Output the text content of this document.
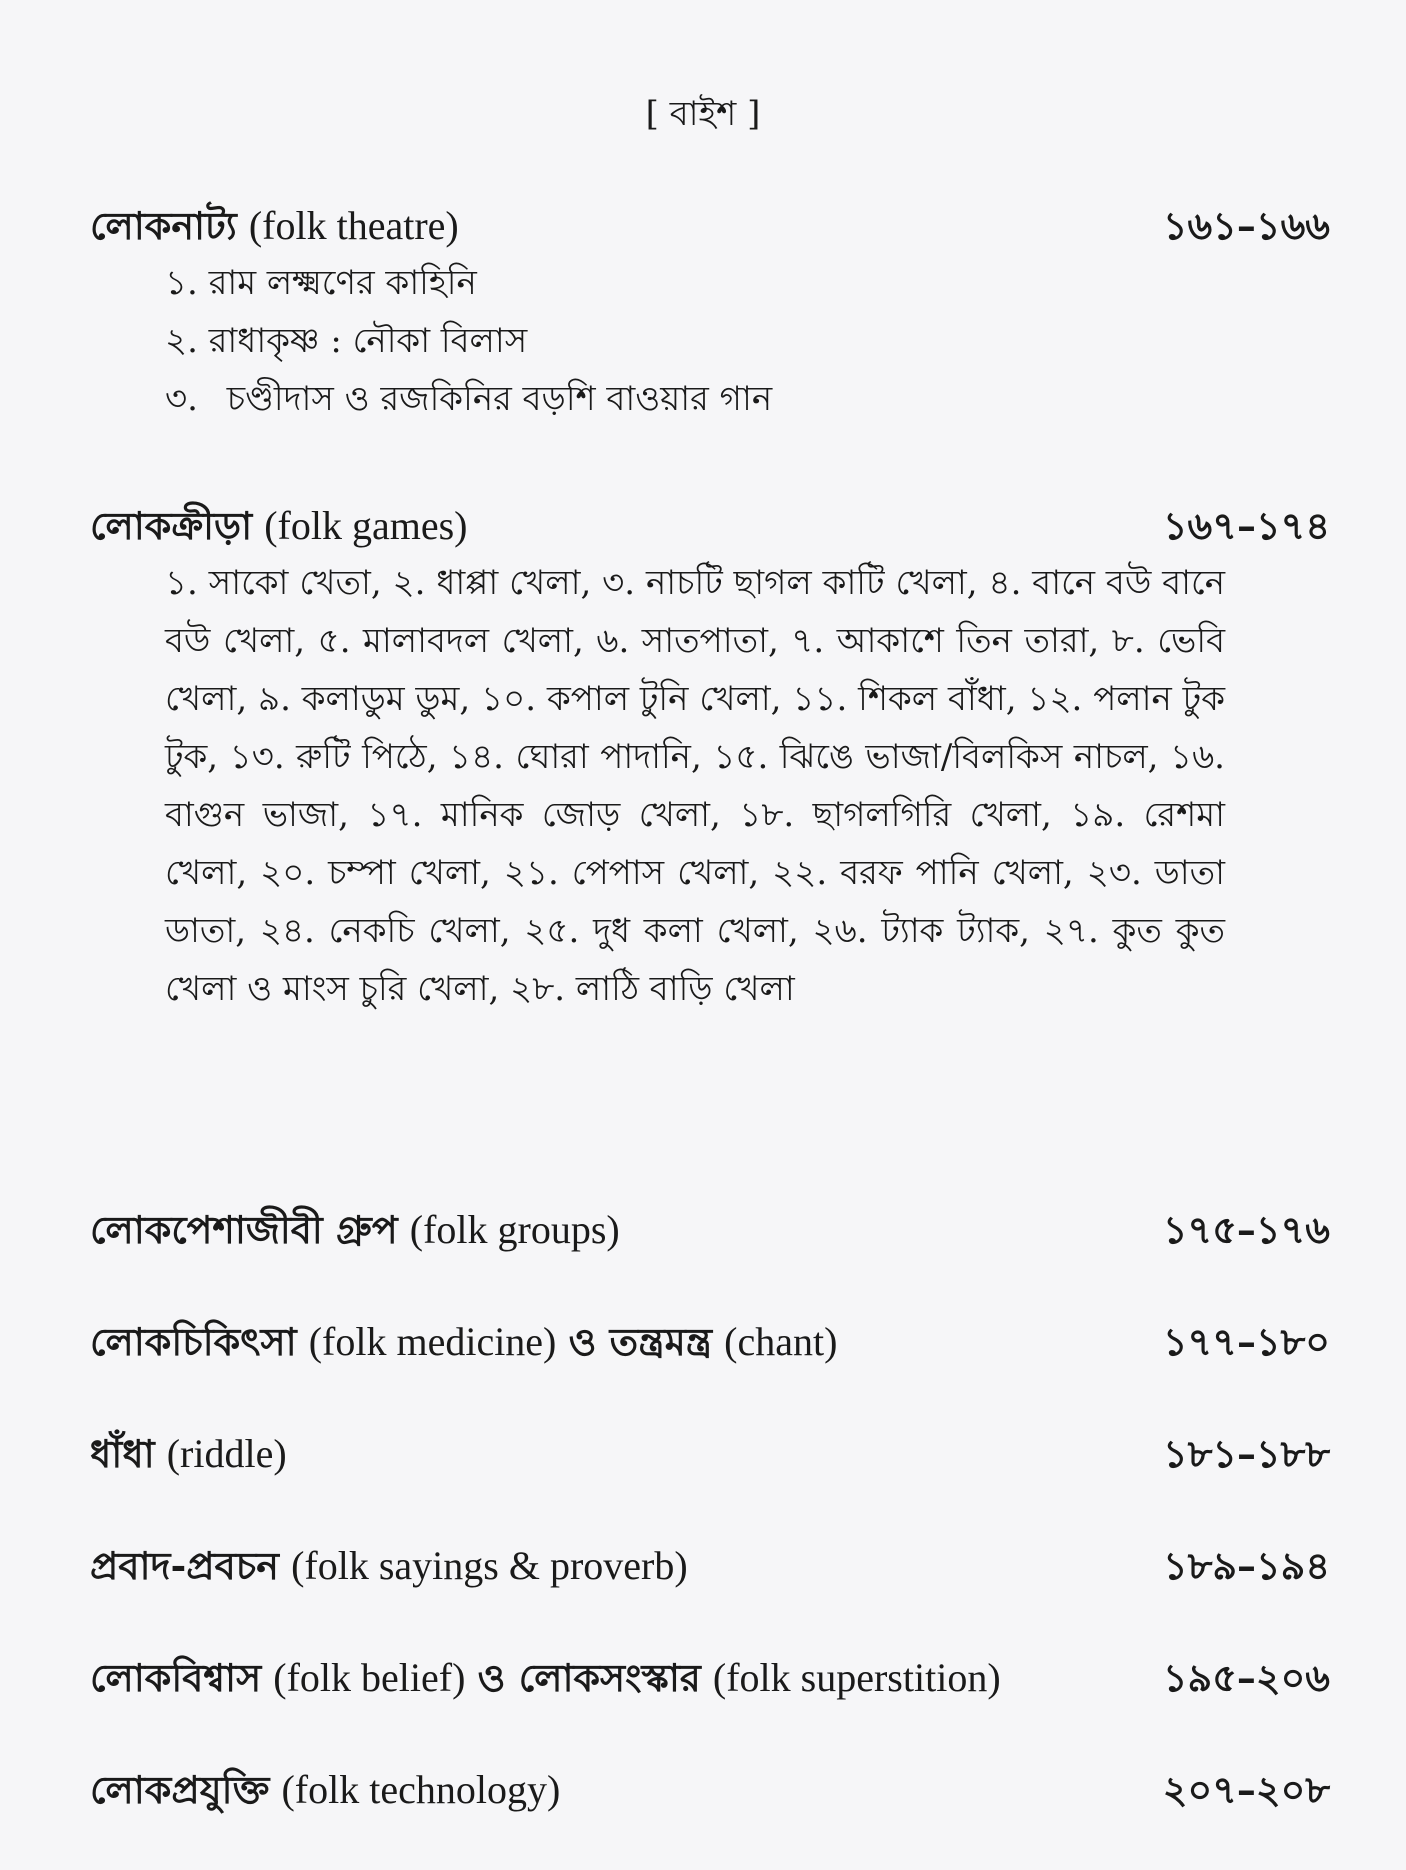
[ বাইশ ]
লোকনাট্য (folk theatre)	১৬১–১৬৬
১. রাম লক্ষ্মণের কাহিনি
২. রাধাকৃষ্ণ : নৌকা বিলাস
৩. চণ্ডীদাস ও রজকিনির বড়শি বাওয়ার গান
লোকক্রীড়া (folk games)	১৬৭–১৭৪
১. সাকো খেতা, ২. ধাপ্পা খেলা, ৩. নাচটি ছাগল কাটি খেলা, ৪. বানে বউ বানে বউ খেলা, ৫. মালাবদল খেলা, ৬. সাতপাতা, ৭. আকাশে তিন তারা, ৮. ভেবি খেলা, ৯. কলাডুম ডুম, ১০. কপাল টুনি খেলা, ১১. শিকল বাঁধা, ১২. পলান টুক টুক, ১৩. রুটি পিঠে, ১৪. ঘোরা পাদানি, ১৫. ঝিঙে ভাজা/বিলকিস নাচল, ১৬. বাগুন ভাজা, ১৭. মানিক জোড় খেলা, ১৮. ছাগলগিরি খেলা, ১৯. রেশমা খেলা, ২০. চম্পা খেলা, ২১. পেপাস খেলা, ২২. বরফ পানি খেলা, ২৩. ডাতা ডাতা, ২৪. নেকচি খেলা, ২৫. দুধ কলা খেলা, ২৬. ট্যাক ট্যাক, ২৭. কুত কুত খেলা ও মাংস চুরি খেলা, ২৮. লাঠি বাড়ি খেলা
লোকপেশাজীবী গ্রুপ (folk groups)	১৭৫–১৭৬
লোকচিকিৎসা (folk medicine) ও তন্ত্রমন্ত্র (chant)	১৭৭–১৮০
ধাঁধা (riddle)	১৮১–১৮৮
প্রবাদ-প্রবচন (folk sayings & proverb)	১৮৯–১৯৪
লোকবিশ্বাস (folk belief) ও লোকসংস্কার (folk superstition)	১৯৫–২০৬
লোকপ্রযুক্তি (folk technology)	২০৭–২০৮
